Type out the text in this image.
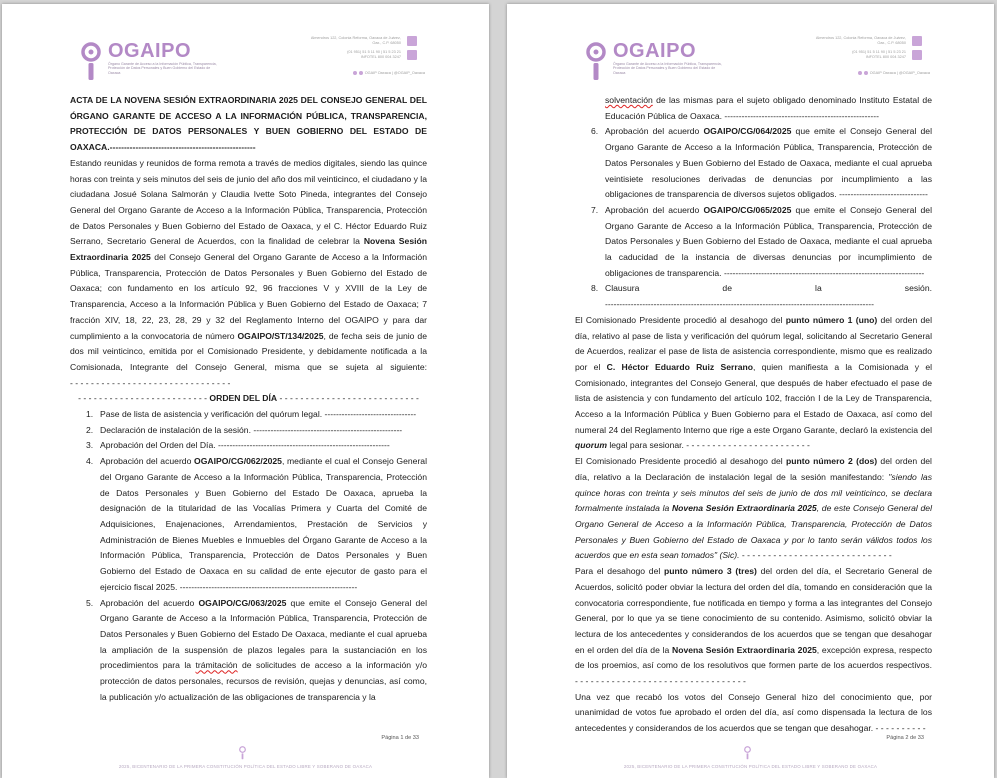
OGAIPO
Órgano Garante de Acceso a la Información Pública, Transparencia, Protección de Datos Personales y Buen Gobierno del Estado de Oaxaca
Almendros 122, Colonia Reforma, Oaxaca de Juárez, Oax., C.P. 68050
(01 951) 51 5 11 90 | 51 5 23 21
INFOTEL 800 004 3247
OGAIP Oaxaca | @OGAIP_Oaxaca

ACTA DE LA NOVENA SESIÓN EXTRAORDINARIA 2025 DEL CONSEJO GENERAL DEL ÓRGANO GARANTE DE ACCESO A LA INFORMACIÓN PÚBLICA, TRANSPARENCIA, PROTECCIÓN DE DATOS PERSONALES Y BUEN GOBIERNO DEL ESTADO DE OAXACA.---------------------------------------------------

Estando reunidas y reunidos de forma remota a través de medios digitales, siendo las quince horas con treinta y seis minutos del seis de junio del año dos mil veinticinco, el ciudadano y la ciudadana Josué Solana Salmorán y Claudia Ivette Soto Pineda, integrantes del Consejo General del Organo Garante de Acceso a la Información Pública, Transparencia, Protección de Datos Personales y Buen Gobierno del Estado de Oaxaca, y el C. Héctor Eduardo Ruiz Serrano, Secretario General de Acuerdos, con la finalidad de celebrar la Novena Sesión Extraordinaria 2025 del Consejo General del Organo Garante de Acceso a la Información Pública, Transparencia, Protección de Datos Personales y Buen Gobierno del Estado de Oaxaca; con fundamento en los artículo 92, 96 fracciones V y XVIII de la Ley de Transparencia, Acceso a la Información Pública y Buen Gobierno del Estado de Oaxaca; 7 fracción XIV, 18, 22, 23, 28, 29 y 32 del Reglamento Interno del OGAIPO y para dar cumplimiento a la convocatoria de número OGAIPO/ST/134/2025, de fecha seis de junio de dos mil veinticinco, emitida por el Comisionado Presidente, y debidamente notificada a la Comisionada, Integrante del Consejo General, misma que se sujeta al siguiente: - - - - - - - - - - - - - - - - - - - - - - - - - - - - - - -

- - - - - - - - - - - - - - - - - - - - - - - - - ORDEN DEL DÍA - - - - - - - - - - - - - - - - - - - - - - - - - - -

1. Pase de lista de asistencia y verificación del quórum legal. --------------------------------
2. Declaración de instalación de la sesión. ----------------------------------------------------
3. Aprobación del Orden del Día. ------------------------------------------------------------
4. Aprobación del acuerdo OGAIPO/CG/062/2025, mediante el cual el Consejo General del Organo Garante de Acceso a la Información Pública, Transparencia, Protección de Datos Personales y Buen Gobierno del Estado De Oaxaca, aprueba la designación de la titularidad de las Vocalías Primera y Cuarta del Comité de Adquisiciones, Enajenaciones, Arrendamientos, Prestación de Servicios y Administración de Bienes Muebles e Inmuebles del Órgano Garante de Acceso a la Información Pública, Transparencia, Protección de Datos Personales y Buen Gobierno del Estado de Oaxaca en su calidad de ente ejecutor de gasto para el ejercicio fiscal 2025. --------------------------------------------------------------
5. Aprobación del acuerdo OGAIPO/CG/063/2025 que emite el Consejo General del Organo Garante de Acceso a la Información Pública, Transparencia, Protección de Datos Personales y Buen Gobierno del Estado De Oaxaca, mediante el cual aprueba la ampliación de la suspensión de plazos legales para la sustanciación en los procedimientos para la trámitación de solicitudes de acceso a la información y/o protección de datos personales, recursos de revisión, quejas y denuncias, así como, la publicación y/o actualización de las obligaciones de transparencia y la
Página 1 de 33
2025, BICENTENARIO DE LA PRIMERA CONSTITUCIÓN POLÍTICA DEL ESTADO LIBRE Y SOBERANO DE OAXACA
OGAIPO
Órgano Garante de Acceso a la Información Pública, Transparencia, Protección de Datos Personales y Buen Gobierno del Estado de Oaxaca
Almendros 122, Colonia Reforma, Oaxaca de Juárez, Oax., C.P. 68050
(01 951) 51 5 11 90 | 51 5 23 21
INFOTEL 800 004 3247
OGAIP Oaxaca | @OGAIP_Oaxaca
solventación de las mismas para el sujeto obligado denominado Instituto Estatal de Educación Pública de Oaxaca. ------------------------------------------------------
6. Aprobación del acuerdo OGAIPO/CG/064/2025 que emite el Consejo General del Organo Garante de Acceso a la Información Pública, Transparencia, Protección de Datos Personales y Buen Gobierno del Estado de Oaxaca, mediante el cual aprueba veintisiete resoluciones derivadas de denuncias por incumplimiento a las obligaciones de transparencia de diversos sujetos obligados. -------------------------------
7. Aprobación del acuerdo OGAIPO/CG/065/2025 que emite el Consejo General del Organo Garante de Acceso a la Información Pública, Transparencia, Protección de Datos Personales y Buen Gobierno del Estado de Oaxaca, mediante el cual aprueba la caducidad de la instancia de diversas denuncias por incumplimiento de obligaciones de transparencia. ----------------------------------------------------------------------
8. Clausura de la sesión. ----------------------------------------------------------------------------------------------

El Comisionado Presidente procedió al desahogo del punto número 1 (uno) del orden del día, relativo al pase de lista y verificación del quórum legal, solicitando al Secretario General de Acuerdos, realizar el pase de lista de asistencia correspondiente, mismo que es realizado por el C. Héctor Eduardo Ruiz Serrano, quien manifiesta a la Comisionada y el Comisionado, integrantes del Consejo General, que después de haber efectuado el pase de lista de asistencia y con fundamento del artículo 102, fracción I de la Ley de Transparencia, Acceso a la Información Pública y Buen Gobierno para el Estado de Oaxaca, así como del numeral 24 del Reglamento Interno que rige a este Organo Garante, declaró la existencia del quorum legal para sesionar. - - - - - - - - - - - - - - - - - - - - - - - -

El Comisionado Presidente procedió al desahogo del punto número 2 (dos) del orden del día, relativo a la Declaración de instalación legal de la sesión manifestando: "siendo las quince horas con treinta y seis minutos del seis de junio de dos mil veinticinco, se declara formalmente instalada la Novena Sesión Extraordinaria 2025, de este Consejo General del Organo General de Acceso a la Información Pública, Transparencia, Protección de Datos Personales y Buen Gobierno del Estado de Oaxaca y por lo tanto serán válidos todos los acuerdos que en esta sean tomados" (Sic). - - - - - - - - - - - - - - - - - - - - - - - - - - - - -

Para el desahogo del punto número 3 (tres) del orden del día, el Secretario General de Acuerdos, solicitó poder obviar la lectura del orden del día, tomando en consideración que la convocatoria correspondiente, fue notificada en tiempo y forma a las integrantes del Consejo General, por lo que ya se tiene conocimiento de su contenido. Asimismo, solicitó obviar la lectura de los antecedentes y considerandos de los acuerdos que se tengan que desahogar en el orden del día de la Novena Sesión Extraordinaria 2025, excepción expresa, respecto de los proemios, así como de los resolutivos que formen parte de los acuerdos respectivos. - - - - - - - - - - - - - - - - - - - - - - - - - - - - - - - - -

Una vez que recabó los votos del Consejo General hizo del conocimiento que, por unanimidad de votos fue aprobado el orden del día, así como dispensada la lectura de los antecedentes y considerandos de los acuerdos que se tengan que desahogar. - - - - - - - - - -

Página 2 de 33
2025, BICENTENARIO DE LA PRIMERA CONSTITUCIÓN POLÍTICA DEL ESTADO LIBRE Y SOBERANO DE OAXACA
